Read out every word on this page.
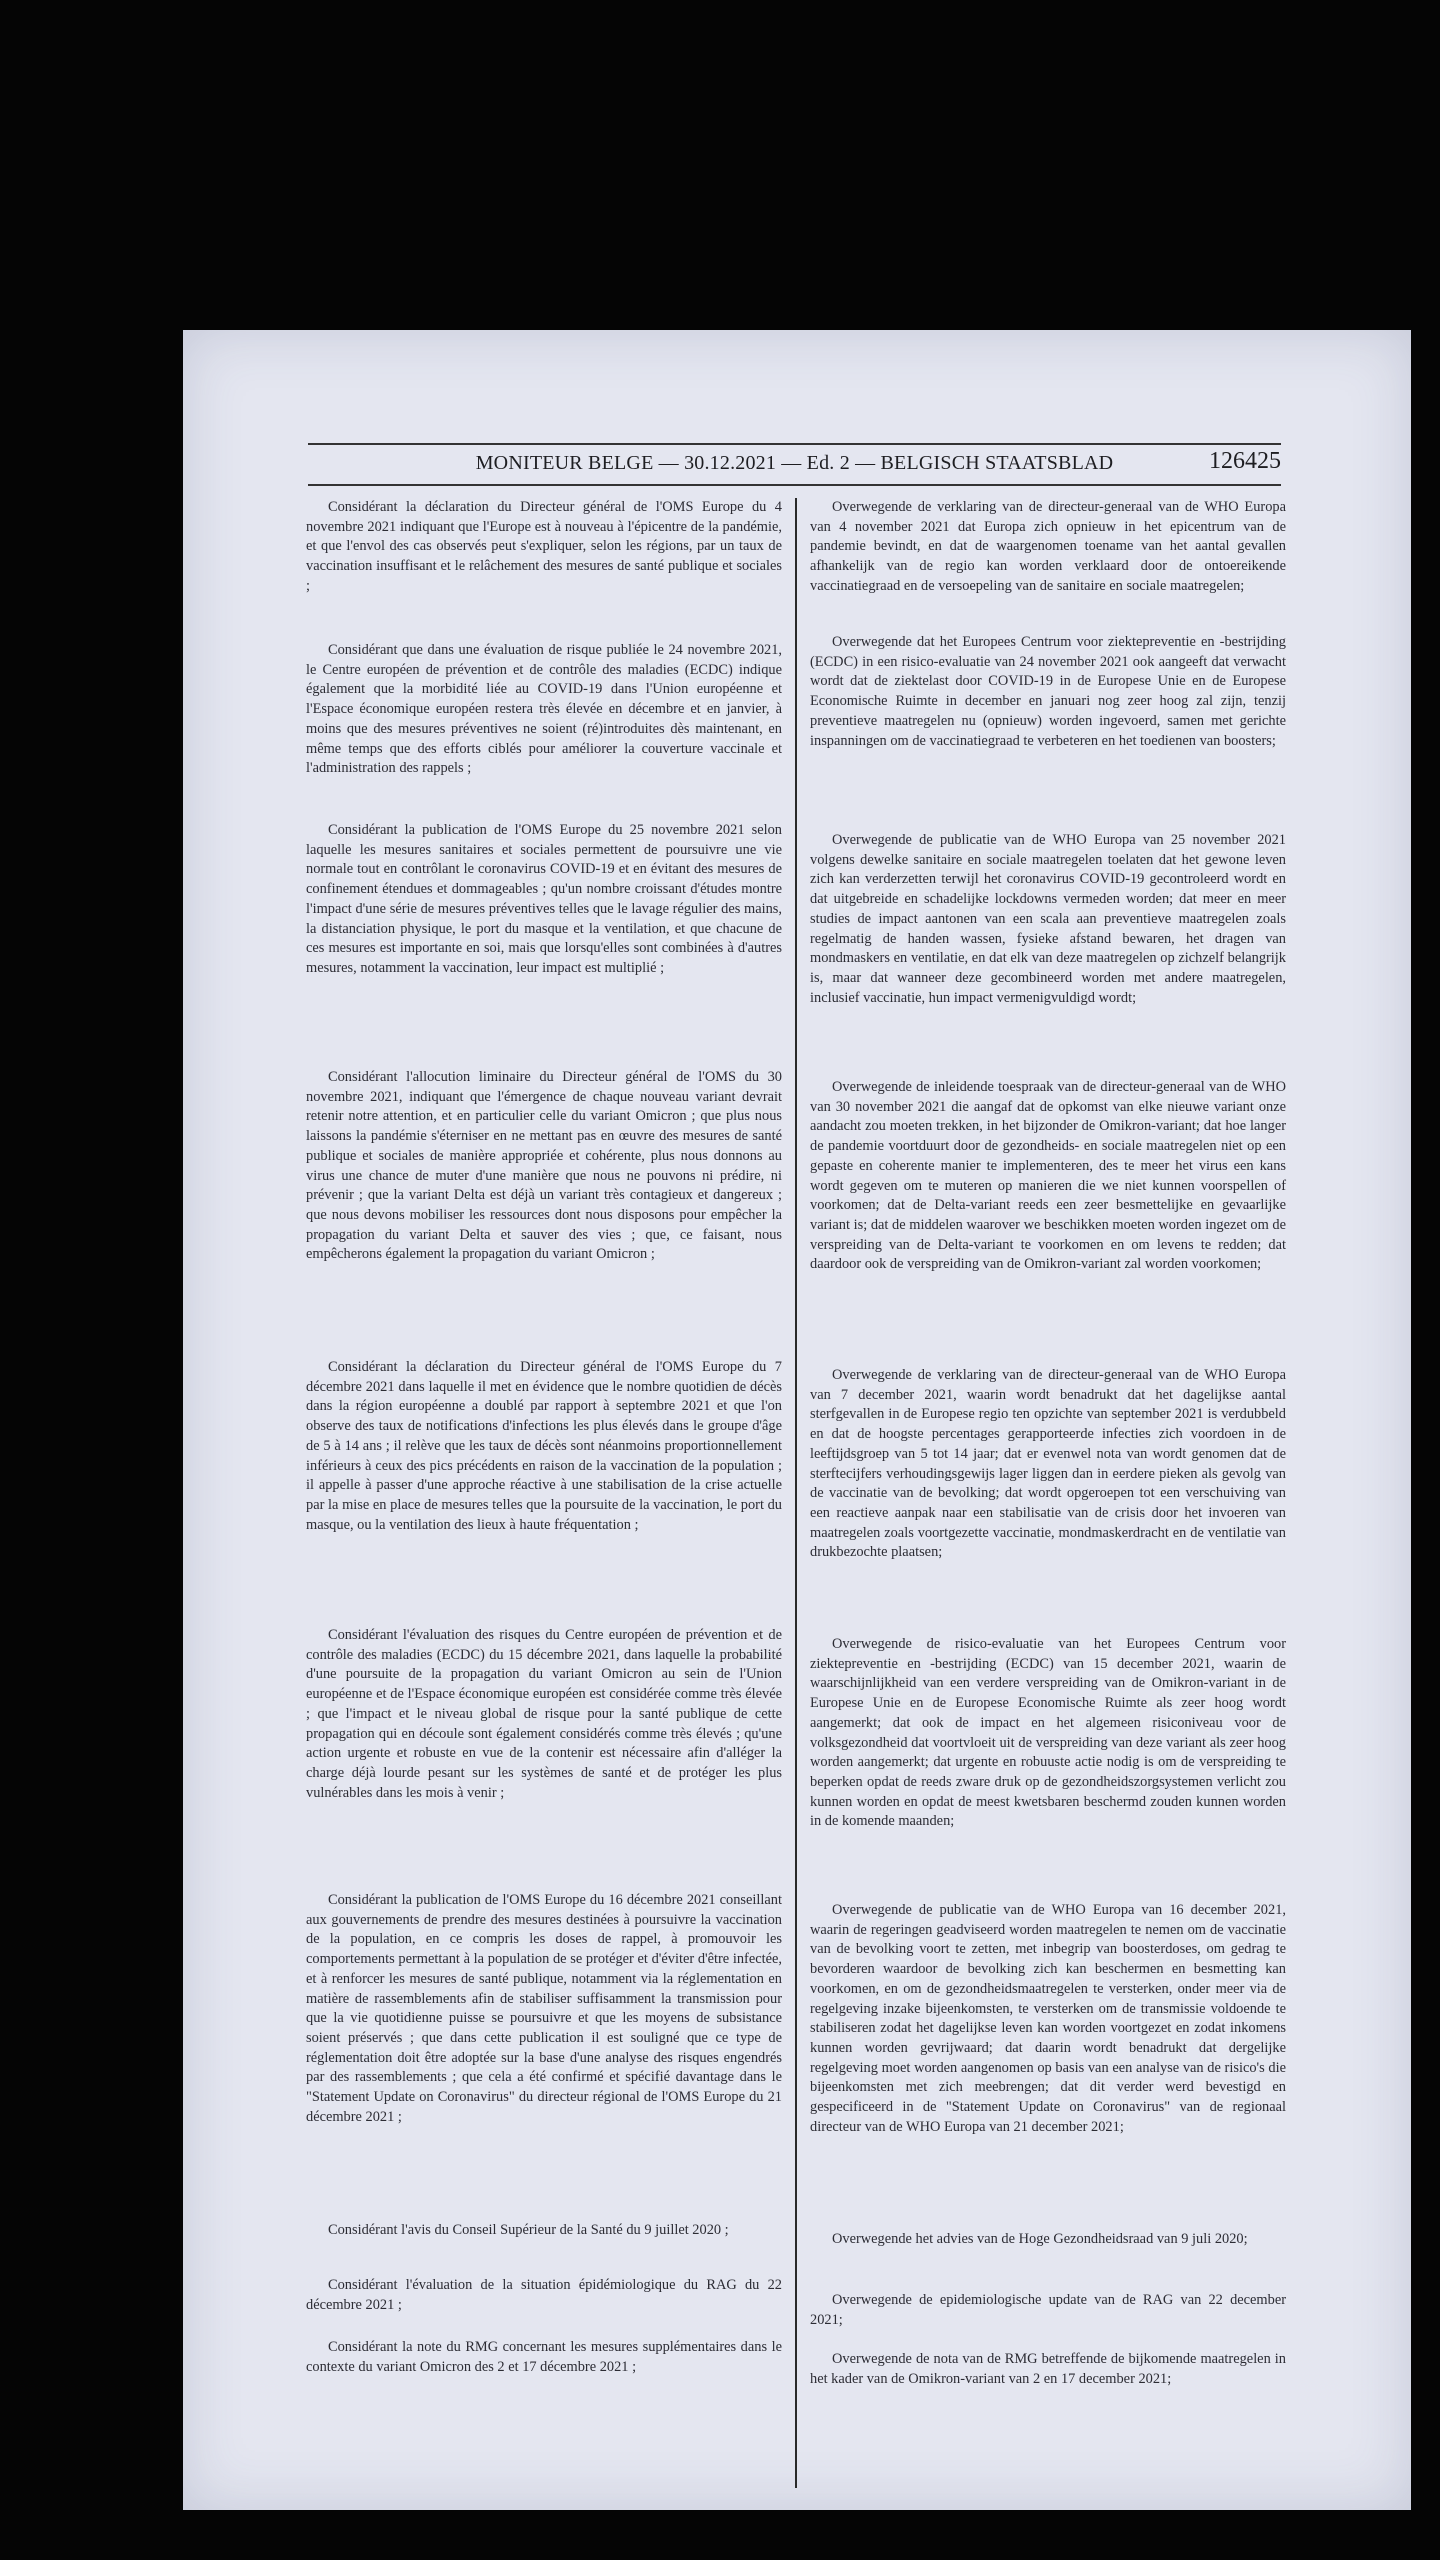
MONITEUR BELGE — 30.12.2021 — Ed. 2 — BELGISCH STAATSBLAD	126425

Considérant la déclaration du Directeur général de l'OMS Europe du 4 novembre 2021 indiquant que l'Europe est à nouveau à l'épicentre de la pandémie, et que l'envol des cas observés peut s'expliquer, selon les régions, par un taux de vaccination insuffisant et le relâchement des mesures de santé publique et sociales ;

Considérant que dans une évaluation de risque publiée le 24 novembre 2021, le Centre européen de prévention et de contrôle des maladies (ECDC) indique également que la morbidité liée au COVID-19 dans l'Union européenne et l'Espace économique européen restera très élevée en décembre et en janvier, à moins que des mesures préventives ne soient (ré)introduites dès maintenant, en même temps que des efforts ciblés pour améliorer la couverture vaccinale et l'administration des rappels ;

Considérant la publication de l'OMS Europe du 25 novembre 2021 selon laquelle les mesures sanitaires et sociales permettent de poursuivre une vie normale tout en contrôlant le coronavirus COVID-19 et en évitant des mesures de confinement étendues et dommageables ; qu'un nombre croissant d'études montre l'impact d'une série de mesures préventives telles que le lavage régulier des mains, la distanciation physique, le port du masque et la ventilation, et que chacune de ces mesures est importante en soi, mais que lorsqu'elles sont combinées à d'autres mesures, notamment la vaccination, leur impact est multiplié ;

Considérant l'allocution liminaire du Directeur général de l'OMS du 30 novembre 2021, indiquant que l'émergence de chaque nouveau variant devrait retenir notre attention, et en particulier celle du variant Omicron ; que plus nous laissons la pandémie s'éterniser en ne mettant pas en œuvre des mesures de santé publique et sociales de manière appropriée et cohérente, plus nous donnons au virus une chance de muter d'une manière que nous ne pouvons ni prédire, ni prévenir ; que la variant Delta est déjà un variant très contagieux et dangereux ; que nous devons mobiliser les ressources dont nous disposons pour empêcher la propagation du variant Delta et sauver des vies ; que, ce faisant, nous empêcherons également la propagation du variant Omicron ;

Considérant la déclaration du Directeur général de l'OMS Europe du 7 décembre 2021 dans laquelle il met en évidence que le nombre quotidien de décès dans la région européenne a doublé par rapport à septembre 2021 et que l'on observe des taux de notifications d'infections les plus élevés dans le groupe d'âge de 5 à 14 ans ; il relève que les taux de décès sont néanmoins proportionnellement inférieurs à ceux des pics précédents en raison de la vaccination de la population ; il appelle à passer d'une approche réactive à une stabilisation de la crise actuelle par la mise en place de mesures telles que la poursuite de la vaccination, le port du masque, ou la ventilation des lieux à haute fréquentation ;

Considérant l'évaluation des risques du Centre européen de prévention et de contrôle des maladies (ECDC) du 15 décembre 2021, dans laquelle la probabilité d'une poursuite de la propagation du variant Omicron au sein de l'Union européenne et de l'Espace économique européen est considérée comme très élevée ; que l'impact et le niveau global de risque pour la santé publique de cette propagation qui en découle sont également considérés comme très élevés ; qu'une action urgente et robuste en vue de la contenir est nécessaire afin d'alléger la charge déjà lourde pesant sur les systèmes de santé et de protéger les plus vulnérables dans les mois à venir ;

Considérant la publication de l'OMS Europe du 16 décembre 2021 conseillant aux gouvernements de prendre des mesures destinées à poursuivre la vaccination de la population, en ce compris les doses de rappel, à promouvoir les comportements permettant à la population de se protéger et d'éviter d'être infectée, et à renforcer les mesures de santé publique, notamment via la réglementation en matière de rassemblements afin de stabiliser suffisamment la transmission pour que la vie quotidienne puisse se poursuivre et que les moyens de subsistance soient préservés ; que dans cette publication il est souligné que ce type de réglementation doit être adoptée sur la base d'une analyse des risques engendrés par des rassemblements ; que cela a été confirmé et spécifié davantage dans le "Statement Update on Coronavirus" du directeur régional de l'OMS Europe du 21 décembre 2021 ;

Considérant l'avis du Conseil Supérieur de la Santé du 9 juillet 2020 ;

Considérant l'évaluation de la situation épidémiologique du RAG du 22 décembre 2021 ;

Considérant la note du RMG concernant les mesures supplémentaires dans le contexte du variant Omicron des 2 et 17 décembre 2021 ;

Overwegende de verklaring van de directeur-generaal van de WHO Europa van 4 november 2021 dat Europa zich opnieuw in het epicentrum van de pandemie bevindt, en dat de waargenomen toename van het aantal gevallen afhankelijk van de regio kan worden verklaard door de ontoereikende vaccinatiegraad en de versoepeling van de sanitaire en sociale maatregelen;

Overwegende dat het Europees Centrum voor ziektepreventie en -bestrijding (ECDC) in een risico-evaluatie van 24 november 2021 ook aangeeft dat verwacht wordt dat de ziektelast door COVID-19 in de Europese Unie en de Europese Economische Ruimte in december en januari nog zeer hoog zal zijn, tenzij preventieve maatregelen nu (opnieuw) worden ingevoerd, samen met gerichte inspanningen om de vaccinatiegraad te verbeteren en het toedienen van boosters;

Overwegende de publicatie van de WHO Europa van 25 november 2021 volgens dewelke sanitaire en sociale maatregelen toelaten dat het gewone leven zich kan verderzetten terwijl het coronavirus COVID-19 gecontroleerd wordt en dat uitgebreide en schadelijke lockdowns vermeden worden; dat meer en meer studies de impact aantonen van een scala aan preventieve maatregelen zoals regelmatig de handen wassen, fysieke afstand bewaren, het dragen van mondmaskers en ventilatie, en dat elk van deze maatregelen op zichzelf belangrijk is, maar dat wanneer deze gecombineerd worden met andere maatregelen, inclusief vaccinatie, hun impact vermenigvuldigd wordt;

Overwegende de inleidende toespraak van de directeur-generaal van de WHO van 30 november 2021 die aangaf dat de opkomst van elke nieuwe variant onze aandacht zou moeten trekken, in het bijzonder de Omikron-variant; dat hoe langer de pandemie voortduurt door de gezondheids- en sociale maatregelen niet op een gepaste en coherente manier te implementeren, des te meer het virus een kans wordt gegeven om te muteren op manieren die we niet kunnen voorspellen of voorkomen; dat de Delta-variant reeds een zeer besmettelijke en gevaarlijke variant is; dat de middelen waarover we beschikken moeten worden ingezet om de verspreiding van de Delta-variant te voorkomen en om levens te redden; dat daardoor ook de verspreiding van de Omikron-variant zal worden voorkomen;

Overwegende de verklaring van de directeur-generaal van de WHO Europa van 7 december 2021, waarin wordt benadrukt dat het dagelijkse aantal sterfgevallen in de Europese regio ten opzichte van september 2021 is verdubbeld en dat de hoogste percentages gerapporteerde infecties zich voordoen in de leeftijdsgroep van 5 tot 14 jaar; dat er evenwel nota van wordt genomen dat de sterftecijfers verhoudingsgewijs lager liggen dan in eerdere pieken als gevolg van de vaccinatie van de bevolking; dat wordt opgeroepen tot een verschuiving van een reactieve aanpak naar een stabilisatie van de crisis door het invoeren van maatregelen zoals voortgezette vaccinatie, mondmaskerdracht en de ventilatie van drukbezochte plaatsen;

Overwegende de risico-evaluatie van het Europees Centrum voor ziektepreventie en -bestrijding (ECDC) van 15 december 2021, waarin de waarschijnlijkheid van een verdere verspreiding van de Omikron-variant in de Europese Unie en de Europese Economische Ruimte als zeer hoog wordt aangemerkt; dat ook de impact en het algemeen risiconiveau voor de volksgezondheid dat voortvloeit uit de verspreiding van deze variant als zeer hoog worden aangemerkt; dat urgente en robuuste actie nodig is om de verspreiding te beperken opdat de reeds zware druk op de gezondheidszorgsystemen verlicht zou kunnen worden en opdat de meest kwetsbaren beschermd zouden kunnen worden in de komende maanden;

Overwegende de publicatie van de WHO Europa van 16 december 2021, waarin de regeringen geadviseerd worden maatregelen te nemen om de vaccinatie van de bevolking voort te zetten, met inbegrip van boosterdoses, om gedrag te bevorderen waardoor de bevolking zich kan beschermen en besmetting kan voorkomen, en om de gezondheidsmaatregelen te versterken, onder meer via de regelgeving inzake bijeenkomsten, te versterken om de transmissie voldoende te stabiliseren zodat het dagelijkse leven kan worden voortgezet en zodat inkomens kunnen worden gevrijwaard; dat daarin wordt benadrukt dat dergelijke regelgeving moet worden aangenomen op basis van een analyse van de risico's die bijeenkomsten met zich meebrengen; dat dit verder werd bevestigd en gespecificeerd in de "Statement Update on Coronavirus" van de regionaal directeur van de WHO Europa van 21 december 2021;

Overwegende het advies van de Hoge Gezondheidsraad van 9 juli 2020;

Overwegende de epidemiologische update van de RAG van 22 december 2021;

Overwegende de nota van de RMG betreffende de bijkomende maatregelen in het kader van de Omikron-variant van 2 en 17 december 2021;
